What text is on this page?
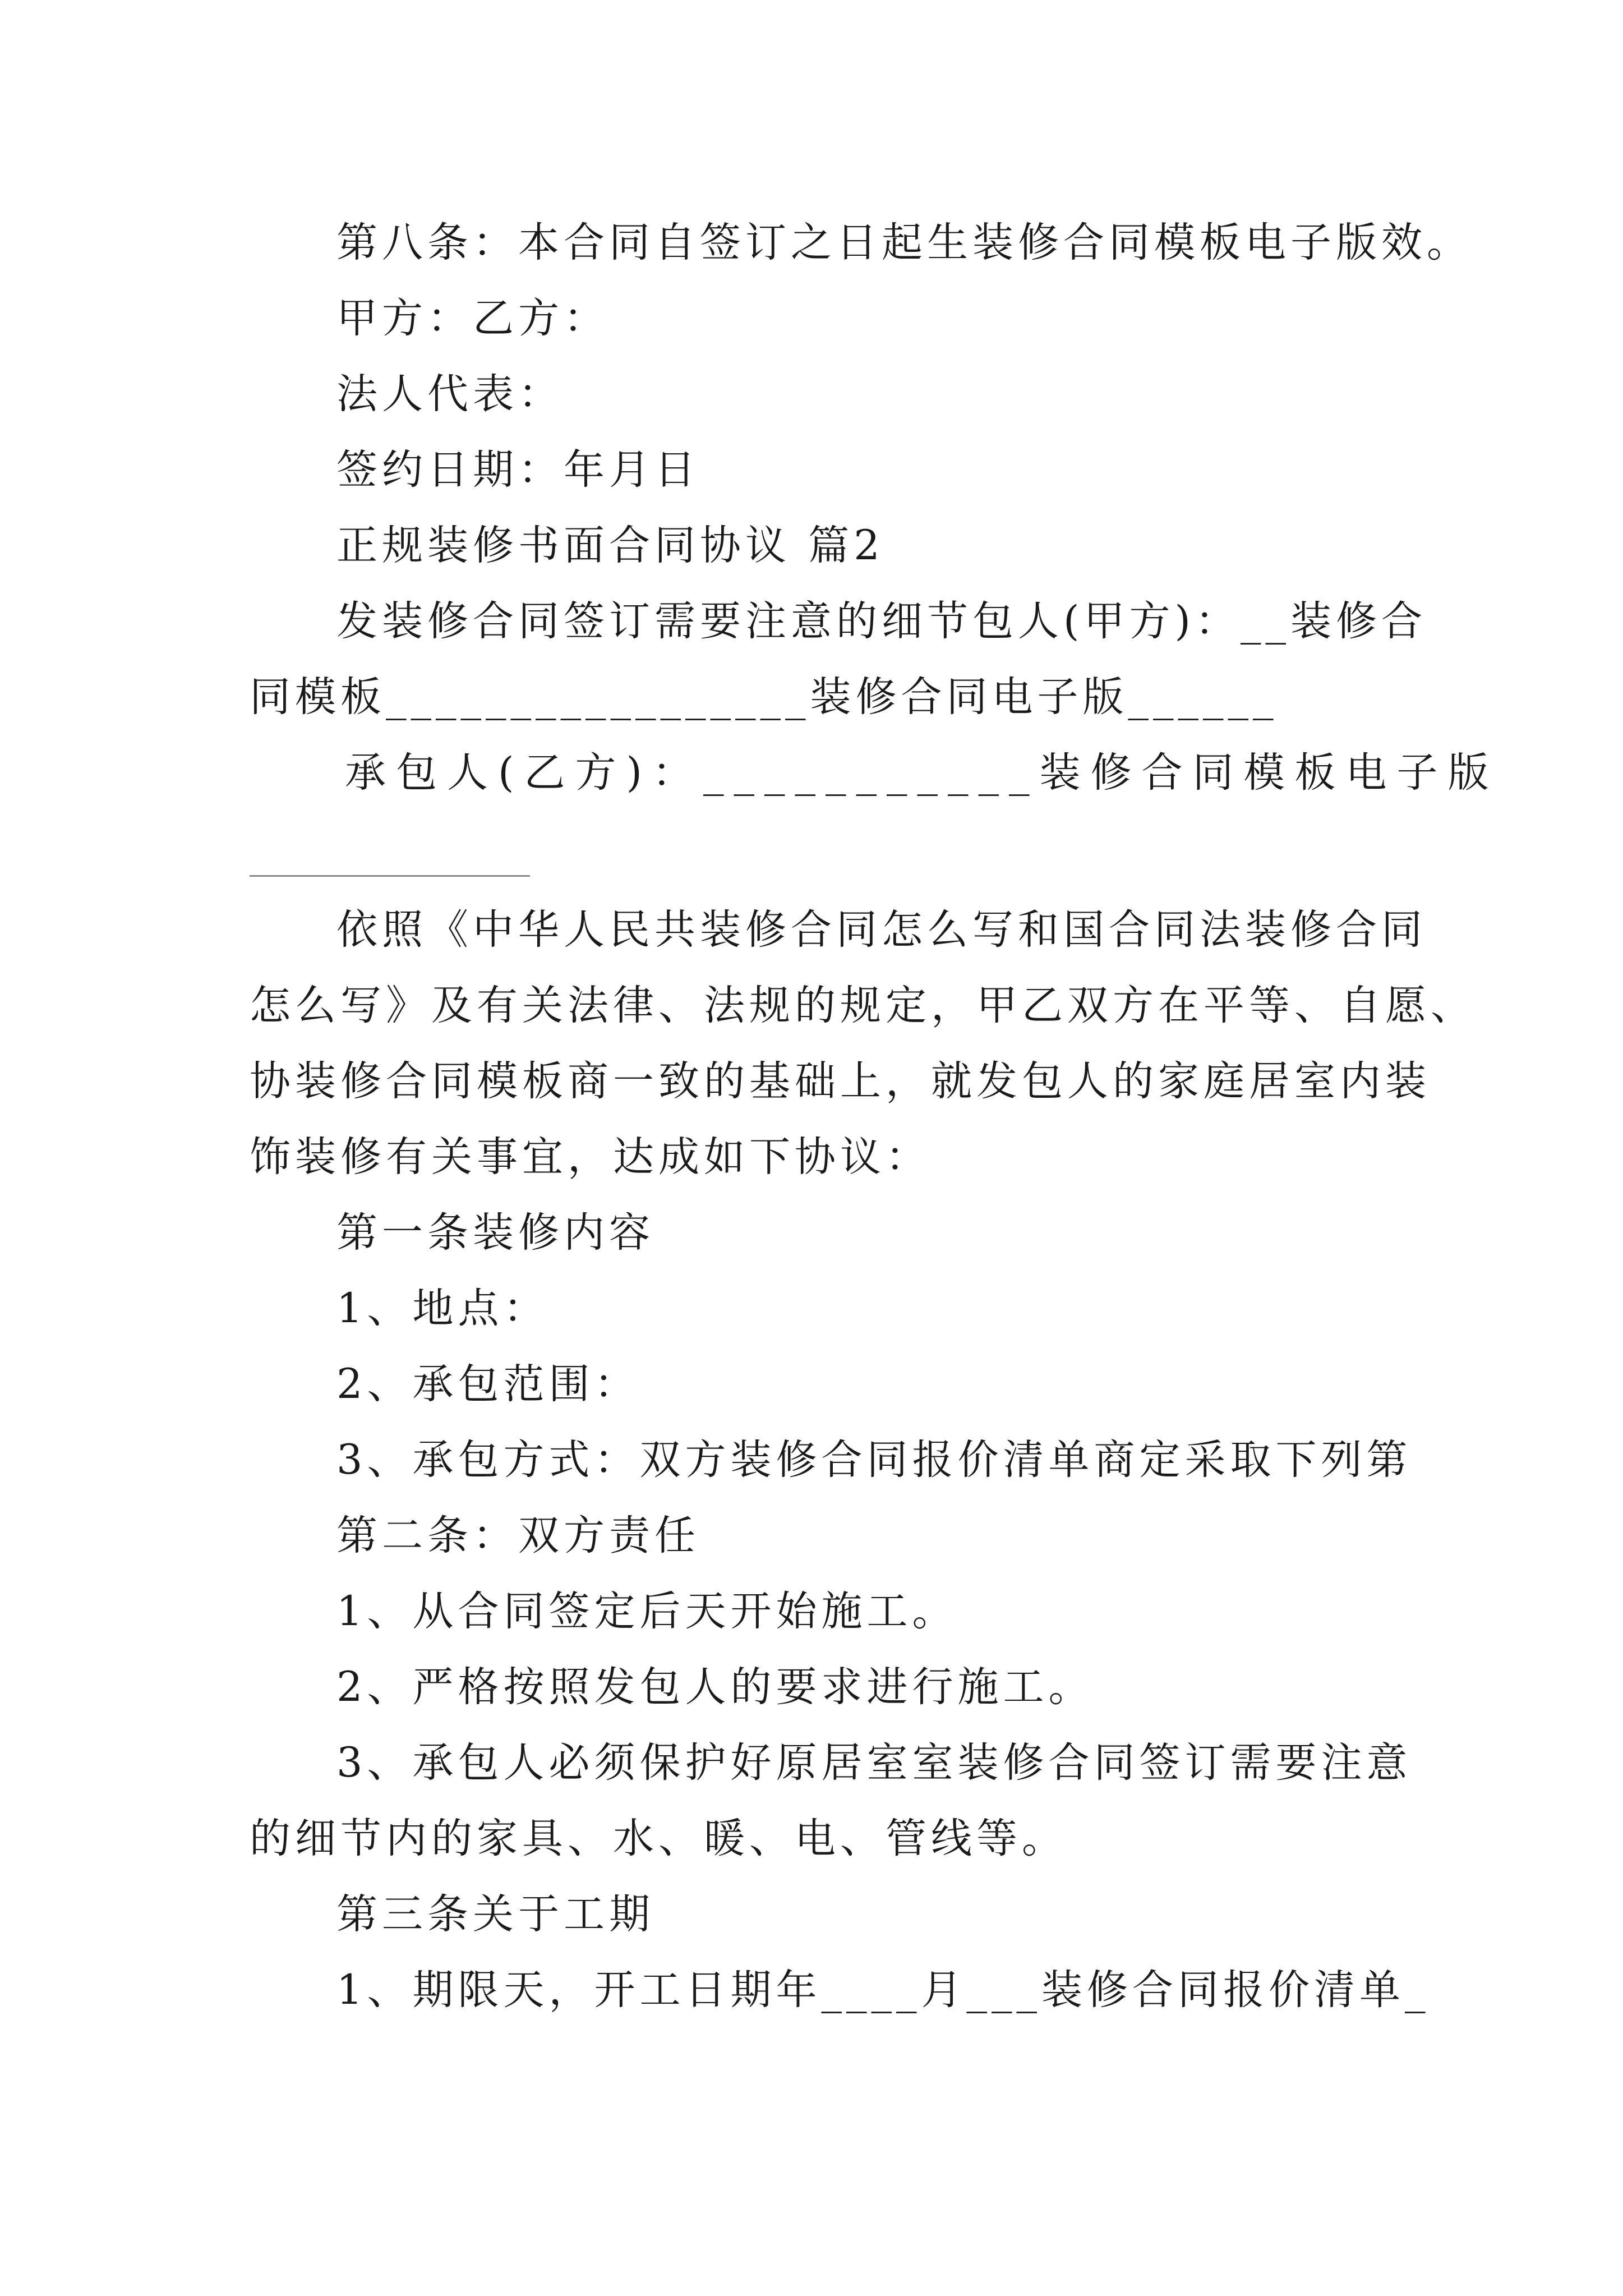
第八条：本合同自签订之日起生装修合同模板电子版效。
甲方：乙方：
法人代表：
签约日期：年月日
正规装修书面合同协议 篇2
发装修合同签订需要注意的细节包人(甲方)：__装修合
同模板_________________装修合同电子版______
承包人(乙方)：___________装修合同模板电子版
依照《中华人民共装修合同怎么写和国合同法装修合同
怎么写》及有关法律、法规的规定，甲乙双方在平等、自愿、
协装修合同模板商一致的基础上，就发包人的家庭居室内装
饰装修有关事宜，达成如下协议：
第一条装修内容
1、地点：
2、承包范围：
3、承包方式：双方装修合同报价清单商定采取下列第
第二条：双方责任
1、从合同签定后天开始施工。
2、严格按照发包人的要求进行施工。
3、承包人必须保护好原居室室装修合同签订需要注意
的细节内的家具、水、暖、电、管线等。
第三条关于工期
1、期限天，开工日期年____月___装修合同报价清单_
